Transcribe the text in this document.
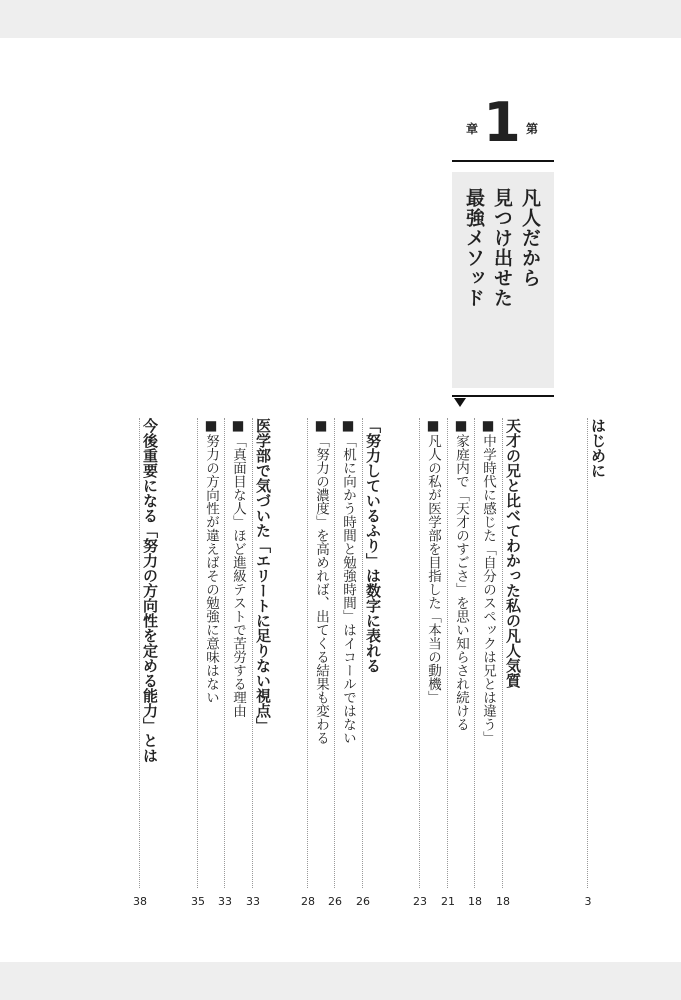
第
1
章
凡人だから
見つけ出せた
最強メソッド
はじめに
3
天才の兄と比べてわかった私の凡人気質
18
■中学時代に感じた「自分のスペックは兄とは違う」
18
■家庭内で「天才のすごさ」を思い知らされ続ける
21
■凡人の私が医学部を目指した「本当の動機」
23
「努力しているふり」は数字に表れる
26
■「机に向かう時間と勉強時間」はイコールではない
26
■「努力の濃度」を高めれば、出てくる結果も変わる
28
医学部で気づいた「エリートに足りない視点」
33
■「真面目な人」ほど進級テストで苦労する理由
33
■努力の方向性が違えばその勉強に意味はない
35
今後重要になる「努力の方向性を定める能力」とは
38
